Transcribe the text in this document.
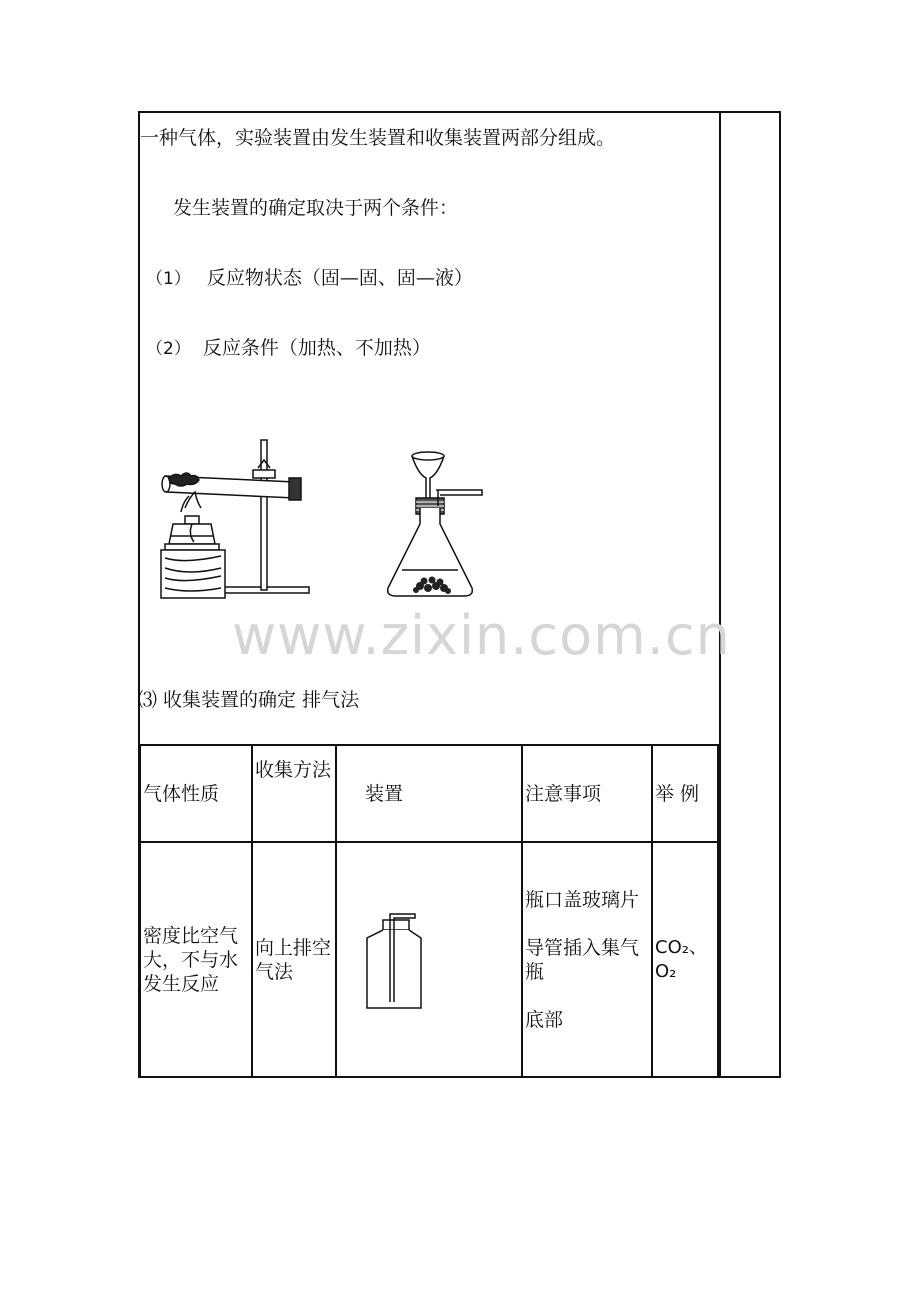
一种气体，实验装置由发生装置和收集装置两部分组成。
发生装置的确定取决于两个条件：
（1） 反应物状态（固—固、固—液）
（2） 反应条件（加热、不加热）
www.zixin.com.cn
⑶ 收集装置的确定 排气法
气体性质	收集方法	装置	注意事项	举 例
密度比空气大，不与水发生反应	向上排空气法		瓶口盖玻璃片
导管插入集气瓶
底部	CO₂、O₂
